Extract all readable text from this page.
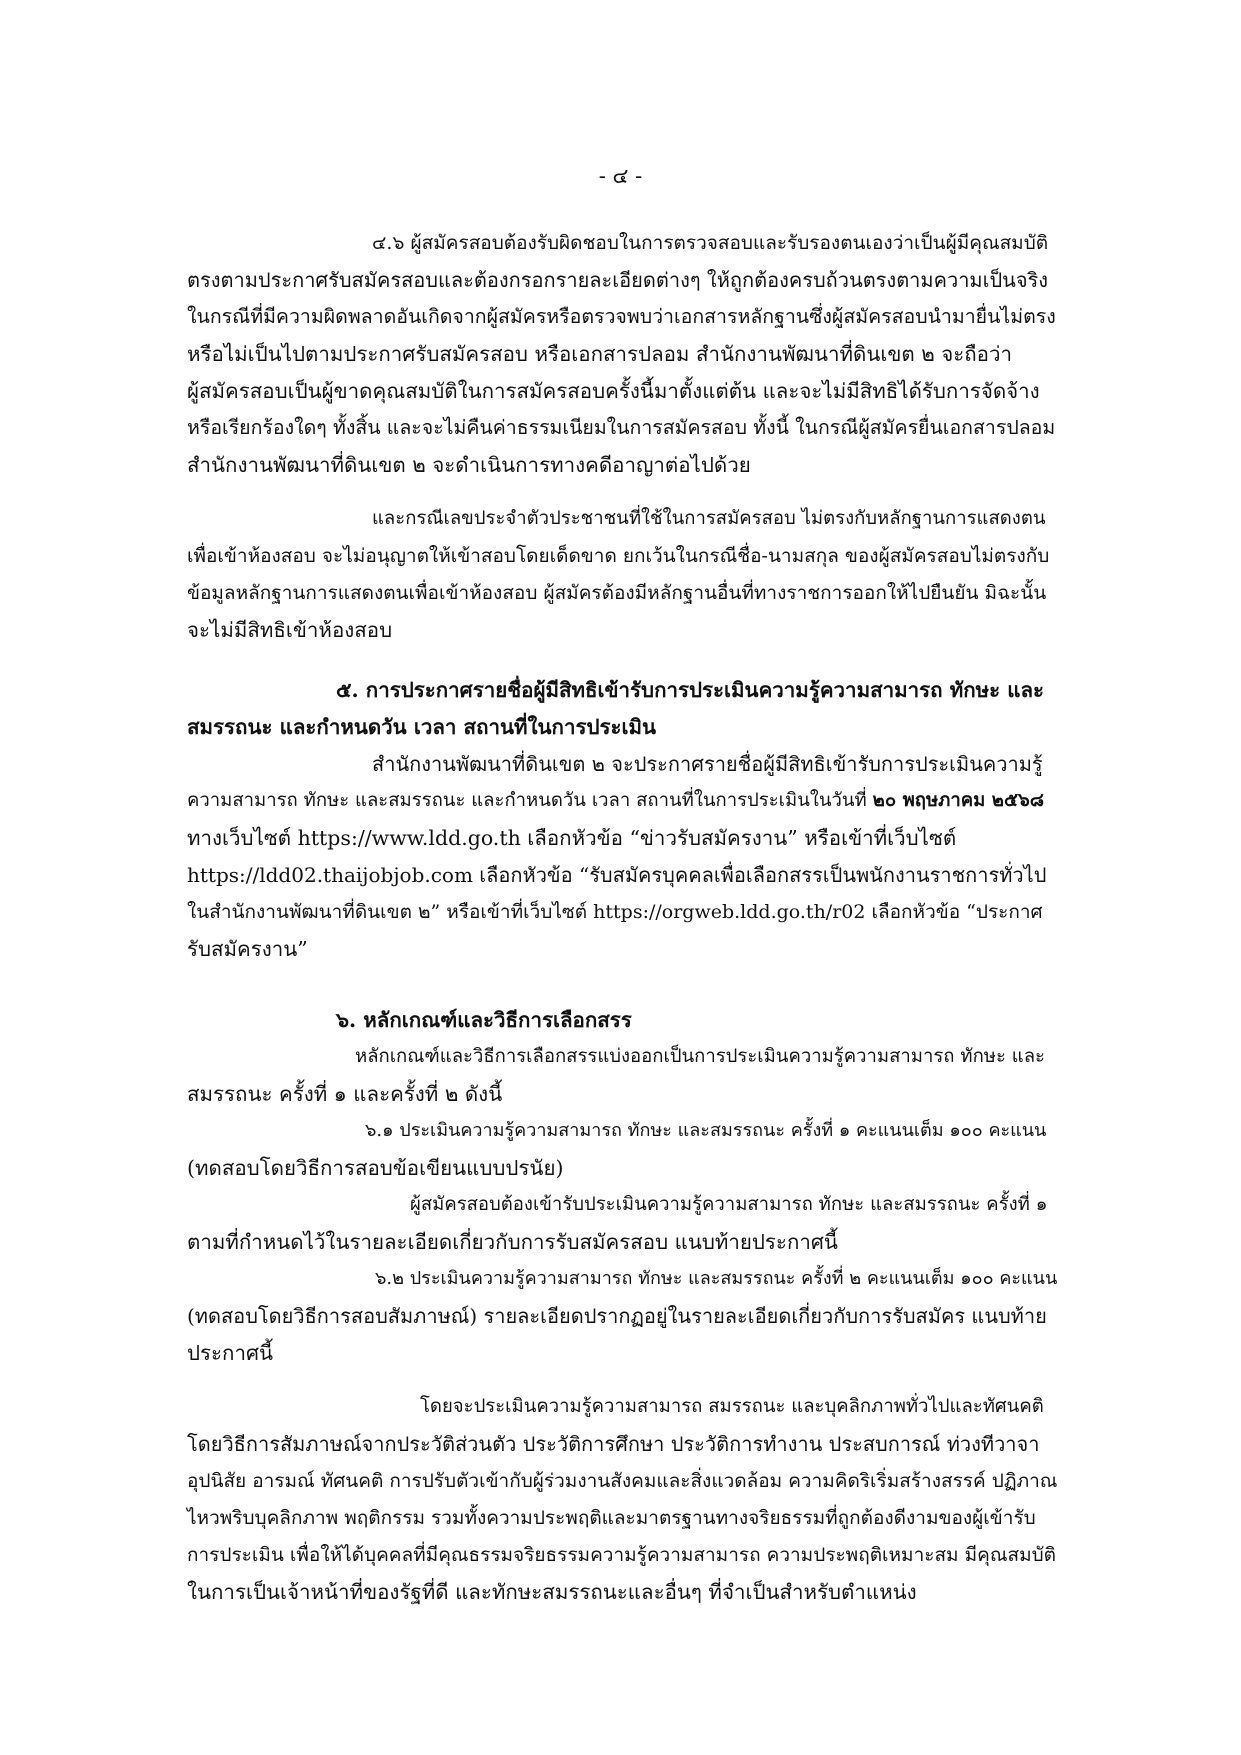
- ๔ -
๔.๖ ผู้สมัครสอบต้องรับผิดชอบในการตรวจสอบและรับรองตนเองว่าเป็นผู้มีคุณสมบัติ
ตรงตามประกาศรับสมัครสอบและต้องกรอกรายละเอียดต่างๆ ให้ถูกต้องครบถ้วนตรงตามความเป็นจริง
ในกรณีที่มีความผิดพลาดอันเกิดจากผู้สมัครหรือตรวจพบว่าเอกสารหลักฐานซึ่งผู้สมัครสอบนำมายื่นไม่ตรง
หรือไม่เป็นไปตามประกาศรับสมัครสอบ หรือเอกสารปลอม สำนักงานพัฒนาที่ดินเขต ๒ จะถือว่า
ผู้สมัครสอบเป็นผู้ขาดคุณสมบัติในการสมัครสอบครั้งนี้มาตั้งแต่ต้น และจะไม่มีสิทธิได้รับการจัดจ้าง
หรือเรียกร้องใดๆ ทั้งสิ้น และจะไม่คืนค่าธรรมเนียมในการสมัครสอบ ทั้งนี้ ในกรณีผู้สมัครยื่นเอกสารปลอม
สำนักงานพัฒนาที่ดินเขต ๒ จะดำเนินการทางคดีอาญาต่อไปด้วย
และกรณีเลขประจำตัวประชาชนที่ใช้ในการสมัครสอบ ไม่ตรงกับหลักฐานการแสดงตน
เพื่อเข้าห้องสอบ จะไม่อนุญาตให้เข้าสอบโดยเด็ดขาด ยกเว้นในกรณีชื่อ-นามสกุล ของผู้สมัครสอบไม่ตรงกับ
ข้อมูลหลักฐานการแสดงตนเพื่อเข้าห้องสอบ ผู้สมัครต้องมีหลักฐานอื่นที่ทางราชการออกให้ไปยืนยัน มิฉะนั้น
จะไม่มีสิทธิเข้าห้องสอบ
๕. การประกาศรายชื่อผู้มีสิทธิเข้ารับการประเมินความรู้ความสามารถ ทักษะ และ
สมรรถนะ และกำหนดวัน เวลา สถานที่ในการประเมิน
สำนักงานพัฒนาที่ดินเขต ๒ จะประกาศรายชื่อผู้มีสิทธิเข้ารับการประเมินความรู้
ความสามารถ ทักษะ และสมรรถนะ และกำหนดวัน เวลา สถานที่ในการประเมินในวันที่ ๒๐ พฤษภาคม ๒๕๖๘
ทางเว็บไซต์ https://www.ldd.go.th เลือกหัวข้อ “ข่าวรับสมัครงาน” หรือเข้าที่เว็บไซต์
https://ldd02.thaijobjob.com เลือกหัวข้อ “รับสมัครบุคคลเพื่อเลือกสรรเป็นพนักงานราชการทั่วไป
ในสำนักงานพัฒนาที่ดินเขต ๒” หรือเข้าที่เว็บไซต์ https://orgweb.ldd.go.th/r02 เลือกหัวข้อ “ประกาศ
รับสมัครงาน”
๖. หลักเกณฑ์และวิธีการเลือกสรร
หลักเกณฑ์และวิธีการเลือกสรรแบ่งออกเป็นการประเมินความรู้ความสามารถ ทักษะ และ
สมรรถนะ ครั้งที่ ๑ และครั้งที่ ๒ ดังนี้
๖.๑ ประเมินความรู้ความสามารถ ทักษะ และสมรรถนะ ครั้งที่ ๑ คะแนนเต็ม ๑๐๐ คะแนน
(ทดสอบโดยวิธีการสอบข้อเขียนแบบปรนัย)
ผู้สมัครสอบต้องเข้ารับประเมินความรู้ความสามารถ ทักษะ และสมรรถนะ ครั้งที่ ๑
ตามที่กำหนดไว้ในรายละเอียดเกี่ยวกับการรับสมัครสอบ แนบท้ายประกาศนี้
๖.๒ ประเมินความรู้ความสามารถ ทักษะ และสมรรถนะ ครั้งที่ ๒ คะแนนเต็ม ๑๐๐ คะแนน
(ทดสอบโดยวิธีการสอบสัมภาษณ์) รายละเอียดปรากฏอยู่ในรายละเอียดเกี่ยวกับการรับสมัคร แนบท้าย
ประกาศนี้
โดยจะประเมินความรู้ความสามารถ สมรรถนะ และบุคลิกภาพทั่วไปและทัศนคติ
โดยวิธีการสัมภาษณ์จากประวัติส่วนตัว ประวัติการศึกษา ประวัติการทำงาน ประสบการณ์ ท่วงทีวาจา
อุปนิสัย อารมณ์ ทัศนคติ การปรับตัวเข้ากับผู้ร่วมงานสังคมและสิ่งแวดล้อม ความคิดริเริ่มสร้างสรรค์ ปฏิภาณ
ไหวพริบบุคลิกภาพ พฤติกรรม รวมทั้งความประพฤติและมาตรฐานทางจริยธรรมที่ถูกต้องดีงามของผู้เข้ารับ
การประเมิน เพื่อให้ได้บุคคลที่มีคุณธรรมจริยธรรมความรู้ความสามารถ ความประพฤติเหมาะสม มีคุณสมบัติ
ในการเป็นเจ้าหน้าที่ของรัฐที่ดี และทักษะสมรรถนะและอื่นๆ ที่จำเป็นสำหรับตำแหน่ง
